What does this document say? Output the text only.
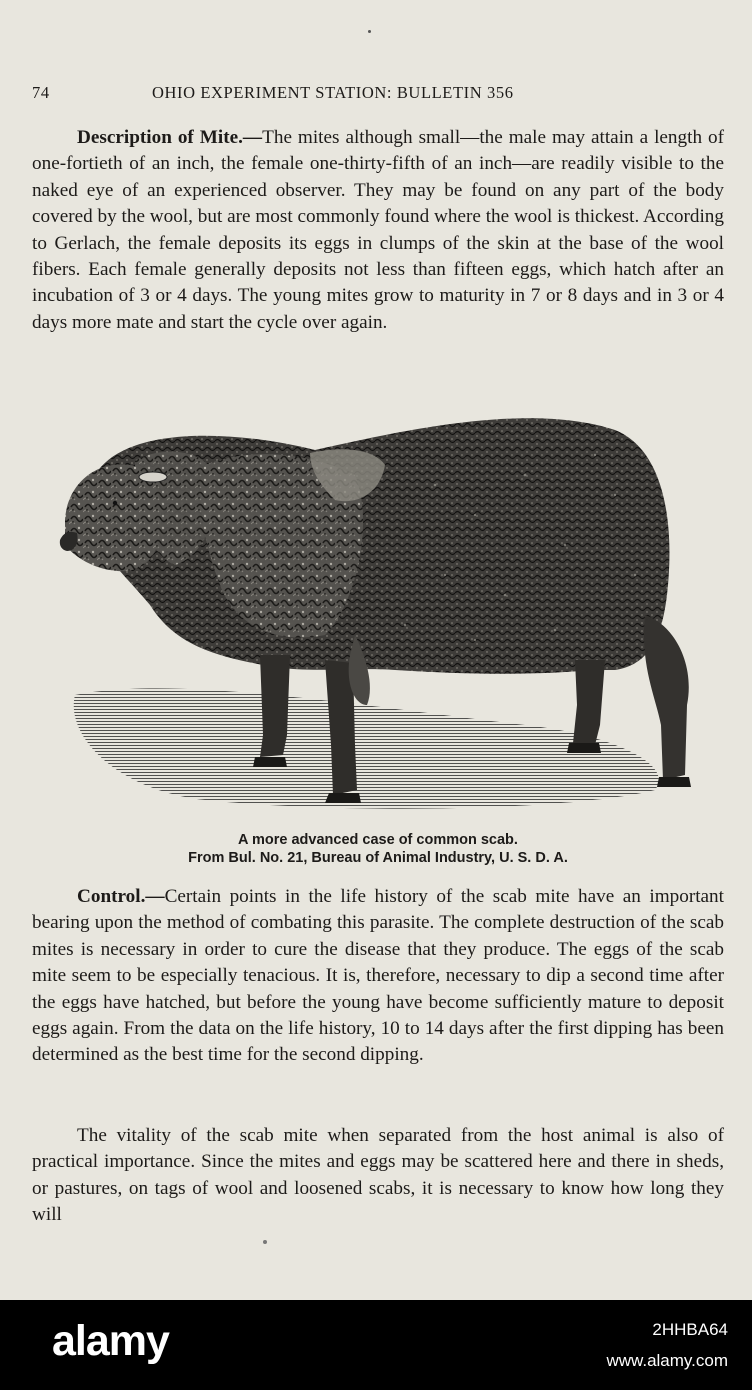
74	OHIO EXPERIMENT STATION: BULLETIN 356

Description of Mite.—The mites although small—the male may attain a length of one-fortieth of an inch, the female one-thirty-fifth of an inch—are readily visible to the naked eye of an experienced observer. They may be found on any part of the body covered by the wool, but are most commonly found where the wool is thickest. According to Gerlach, the female deposits its eggs in clumps of the skin at the base of the wool fibers. Each female generally deposits not less than fifteen eggs, which hatch after an incubation of 3 or 4 days. The young mites grow to maturity in 7 or 8 days and in 3 or 4 days more mate and start the cycle over again.

A more advanced case of common scab.
From Bul. No. 21, Bureau of Animal Industry, U. S. D. A.

Control.—Certain points in the life history of the scab mite have an important bearing upon the method of combating this parasite. The complete destruction of the scab mites is necessary in order to cure the disease that they produce. The eggs of the scab mite seem to be especially tenacious. It is, therefore, necessary to dip a second time after the eggs have hatched, but before the young have become sufficiently mature to deposit eggs again. From the data on the life history, 10 to 14 days after the first dipping has been determined as the best time for the second dipping.

The vitality of the scab mite when separated from the host animal is also of practical importance. Since the mites and eggs may be scattered here and there in sheds, or pastures, on tags of wool and loosened scabs, it is necessary to know how long they will

alamy	2HHBA64
www.alamy.com
